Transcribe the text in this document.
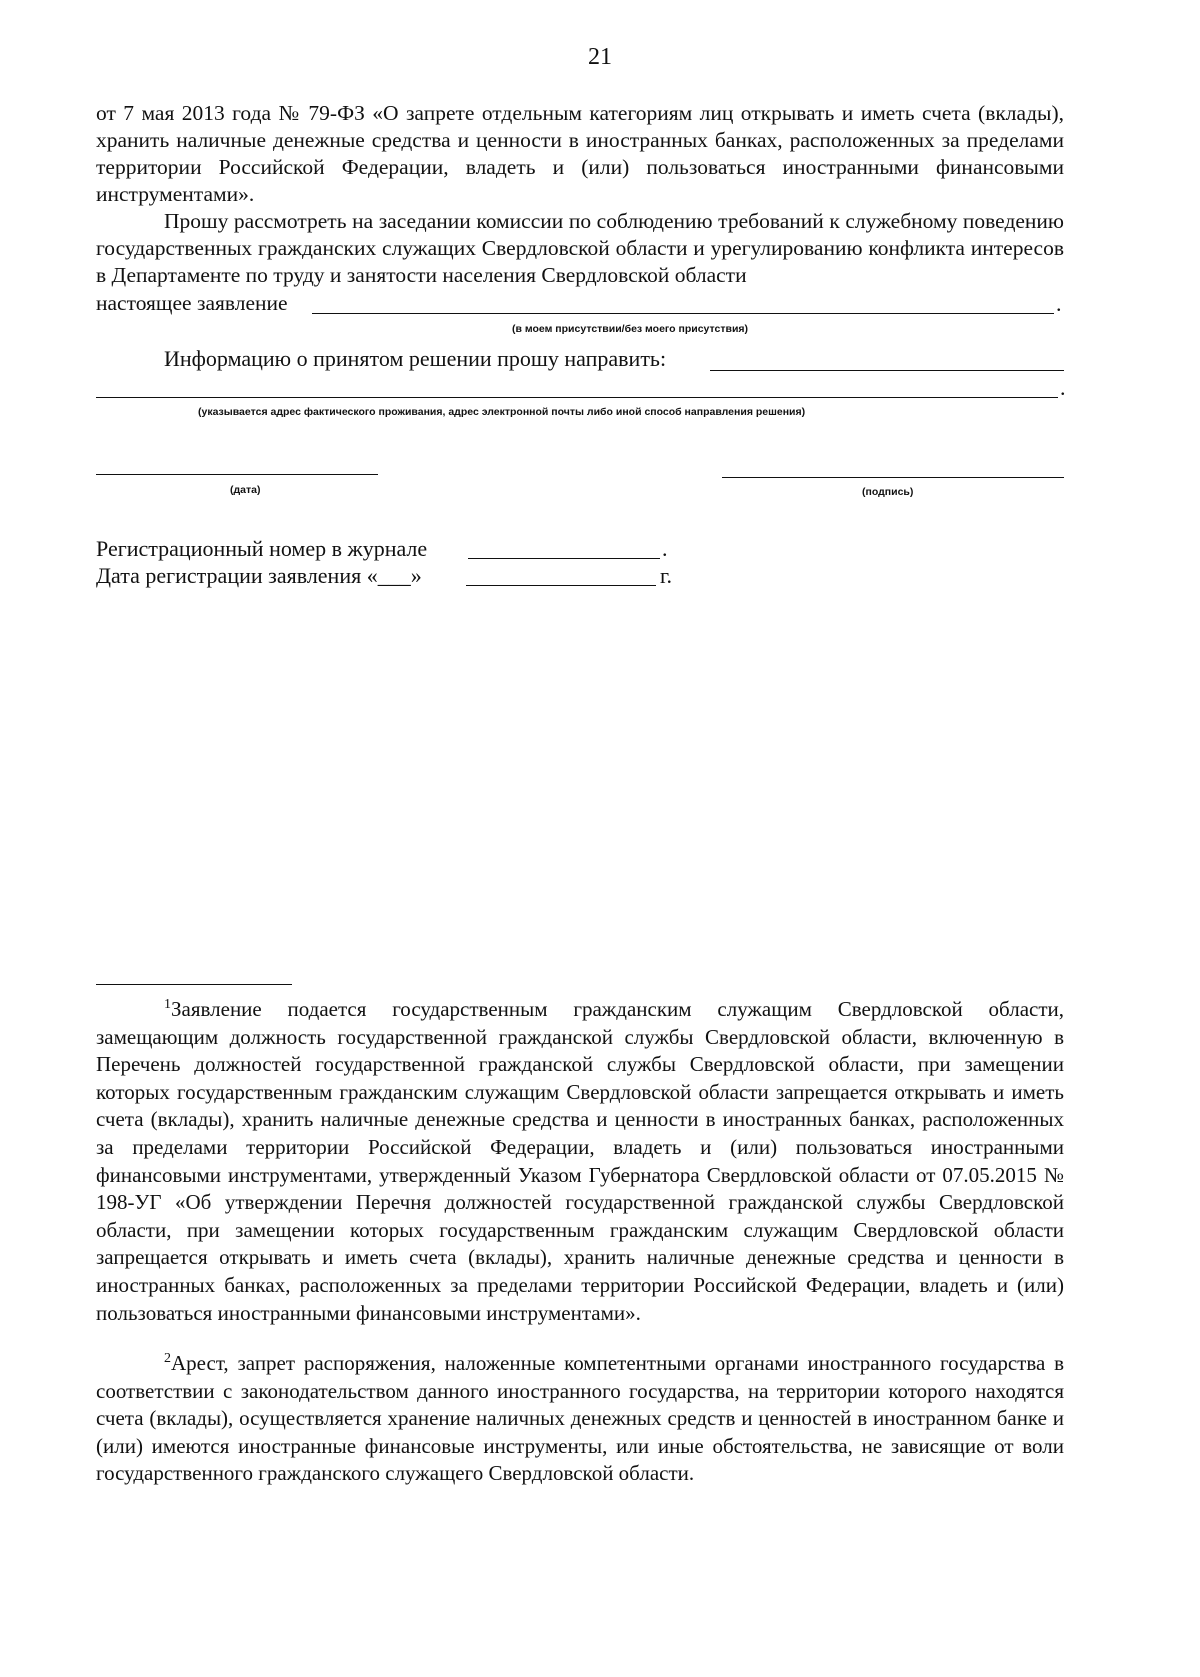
21
от 7 мая 2013 года № 79-ФЗ «О запрете отдельным категориям лиц открывать и иметь счета (вклады), хранить наличные денежные средства и ценности в иностранных банках, расположенных за пределами территории Российской Федерации, владеть и (или) пользоваться иностранными финансовыми инструментами».
Прошу рассмотреть на заседании комиссии по соблюдению требований к служебному поведению государственных гражданских служащих Свердловской области и урегулированию конфликта интересов в Департаменте по труду и занятости населения Свердловской области
настоящее заявление	.
(в моем присутствии/без моего присутствия)
Информацию о принятом решении прошу направить:
.
(указывается адрес фактического проживания, адрес электронной почты либо иной способ направления решения)
(дата)	(подпись)
Регистрационный номер в журнале	.
Дата регистрации заявления «___»	г.
$^1$Заявление подается государственным гражданским служащим Свердловской области, замещающим должность государственной гражданской службы Свердловской области, включенную в Перечень должностей государственной гражданской службы Свердловской области, при замещении которых государственным гражданским служащим Свердловской области запрещается открывать и иметь счета (вклады), хранить наличные денежные средства и ценности в иностранных банках, расположенных за пределами территории Российской Федерации, владеть и (или) пользоваться иностранными финансовыми инструментами, утвержденный Указом Губернатора Свердловской области от 07.05.2015 № 198-УГ «Об утверждении Перечня должностей государственной гражданской службы Свердловской области, при замещении которых государственным гражданским служащим Свердловской области запрещается открывать и иметь счета (вклады), хранить наличные денежные средства и ценности в иностранных банках, расположенных за пределами территории Российской Федерации, владеть и (или) пользоваться иностранными финансовыми инструментами».
$^2$Арест, запрет распоряжения, наложенные компетентными органами иностранного государства в соответствии с законодательством данного иностранного государства, на территории которого находятся счета (вклады), осуществляется хранение наличных денежных средств и ценностей в иностранном банке и (или) имеются иностранные финансовые инструменты, или иные обстоятельства, не зависящие от воли государственного гражданского служащего Свердловской области.
